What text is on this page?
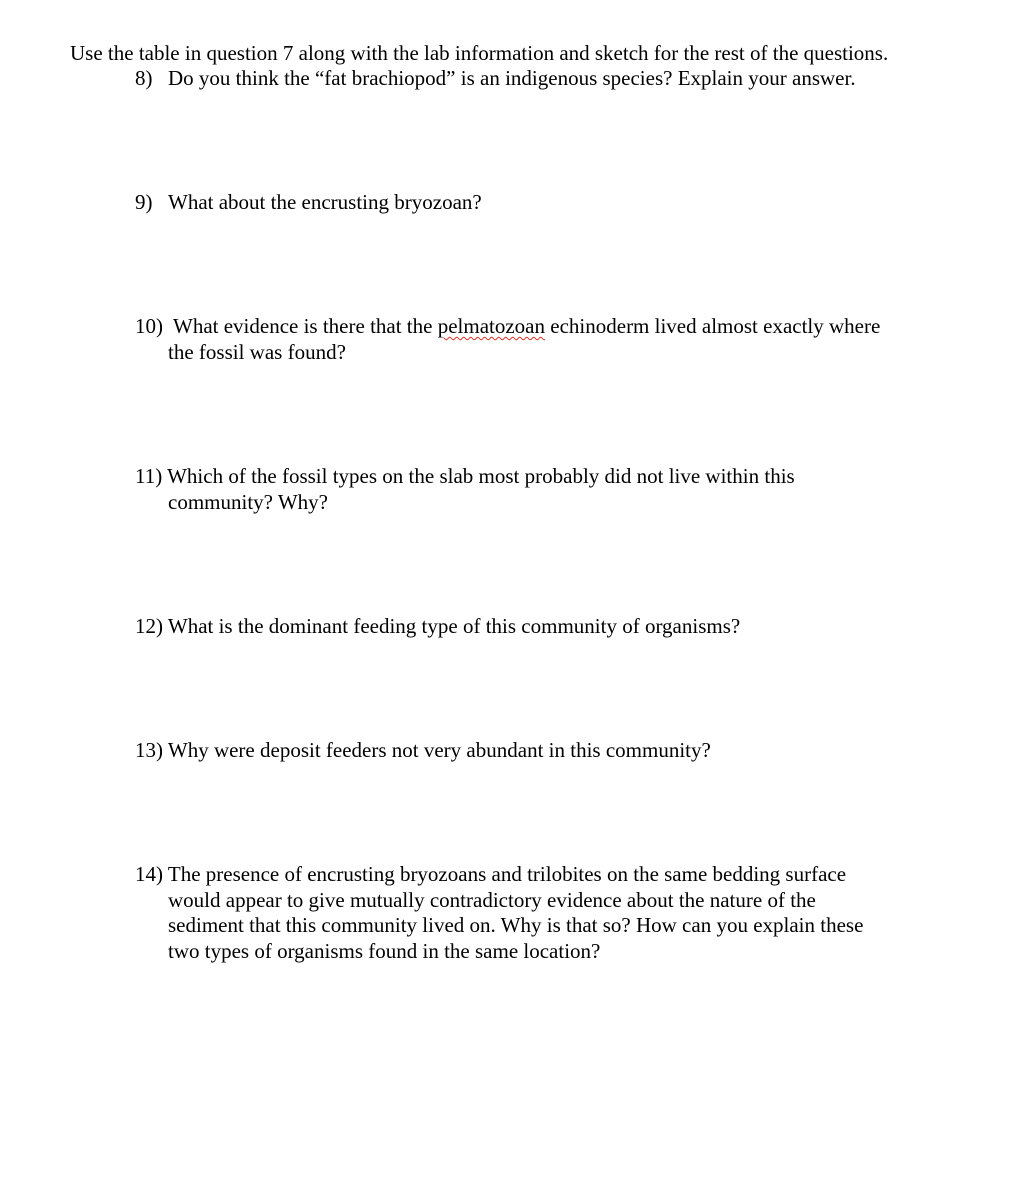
Use the table in question 7 along with the lab information and sketch for the rest of the questions.
8) Do you think the “fat brachiopod” is an indigenous species? Explain your answer.
9) What about the encrusting bryozoan?
10) What evidence is there that the pelmatozoan echinoderm lived almost exactly where
the fossil was found?
11) Which of the fossil types on the slab most probably did not live within this
community? Why?
12) What is the dominant feeding type of this community of organisms?
13) Why were deposit feeders not very abundant in this community?
14) The presence of encrusting bryozoans and trilobites on the same bedding surface
would appear to give mutually contradictory evidence about the nature of the
sediment that this community lived on. Why is that so? How can you explain these
two types of organisms found in the same location?
